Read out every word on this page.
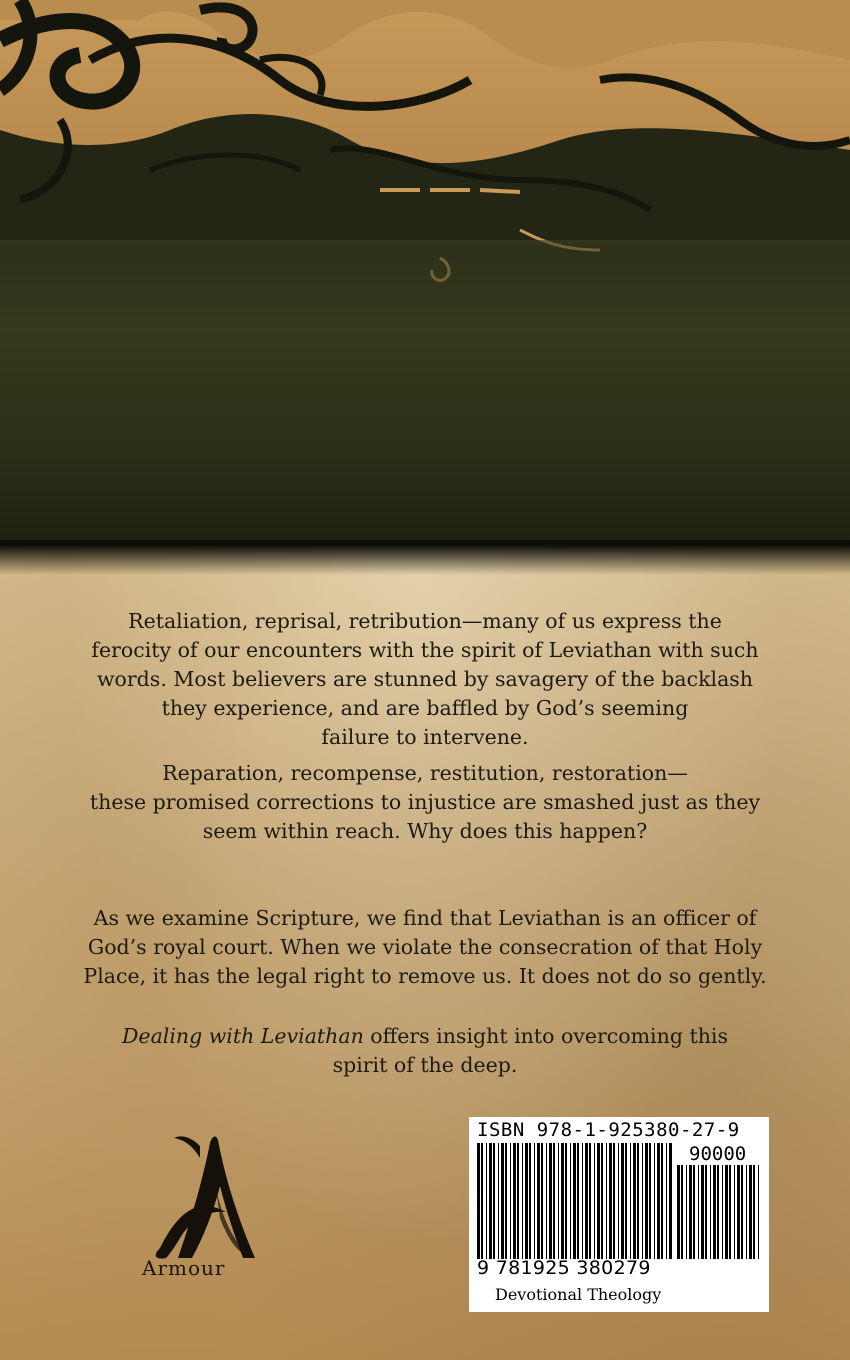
Retaliation, reprisal, retribution—many of us express the
ferocity of our encounters with the spirit of Leviathan with such
words. Most believers are stunned by savagery of the backlash
they experience, and are baffled by God’s seeming
failure to intervene.

Reparation, recompense, restitution, restoration—
these promised corrections to injustice are smashed just as they
seem within reach. Why does this happen?

As we examine Scripture, we find that Leviathan is an officer of
God’s royal court. When we violate the consecration of that Holy
Place, it has the legal right to remove us. It does not do so gently.

Dealing with Leviathan offers insight into overcoming this
spirit of the deep.

Armour
ISBN 978-1-925380-27-9
90000
9 781925 380279
Devotional Theology
